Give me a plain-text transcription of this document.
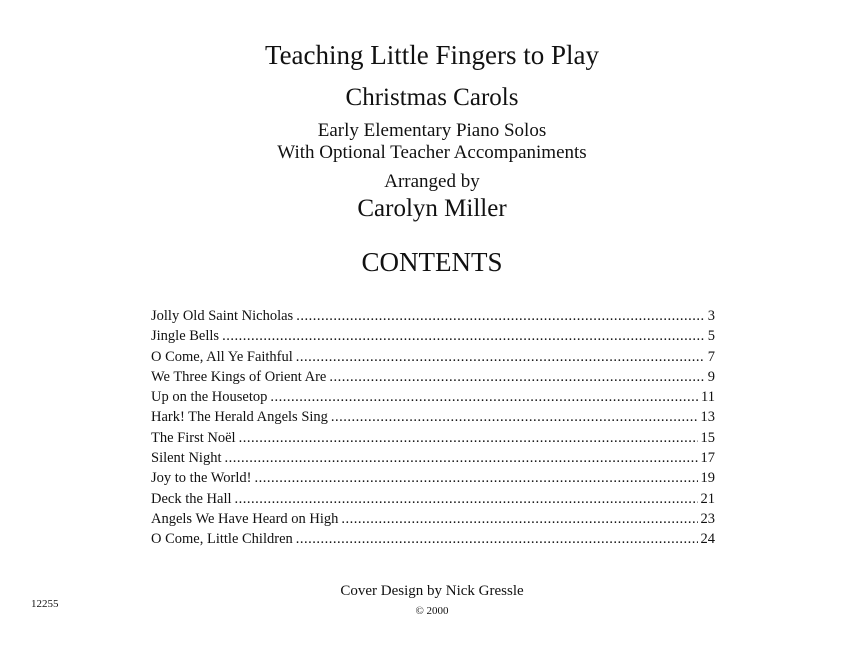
Teaching Little Fingers to Play
Christmas Carols
Early Elementary Piano Solos
With Optional Teacher Accompaniments
Arranged by
Carolyn Miller
CONTENTS
Jolly Old Saint Nicholas .....	3
Jingle Bells .....	5
O Come, All Ye Faithful .....	7
We Three Kings of Orient Are .....	9
Up on the Housetop .....	11
Hark! The Herald Angels Sing .....	13
The First Noël .....	15
Silent Night .....	17
Joy to the World! .....	19
Deck the Hall .....	21
Angels We Have Heard on High .....	23
O Come, Little Children .....	24
Cover Design by Nick Gressle
© 2000
12255
